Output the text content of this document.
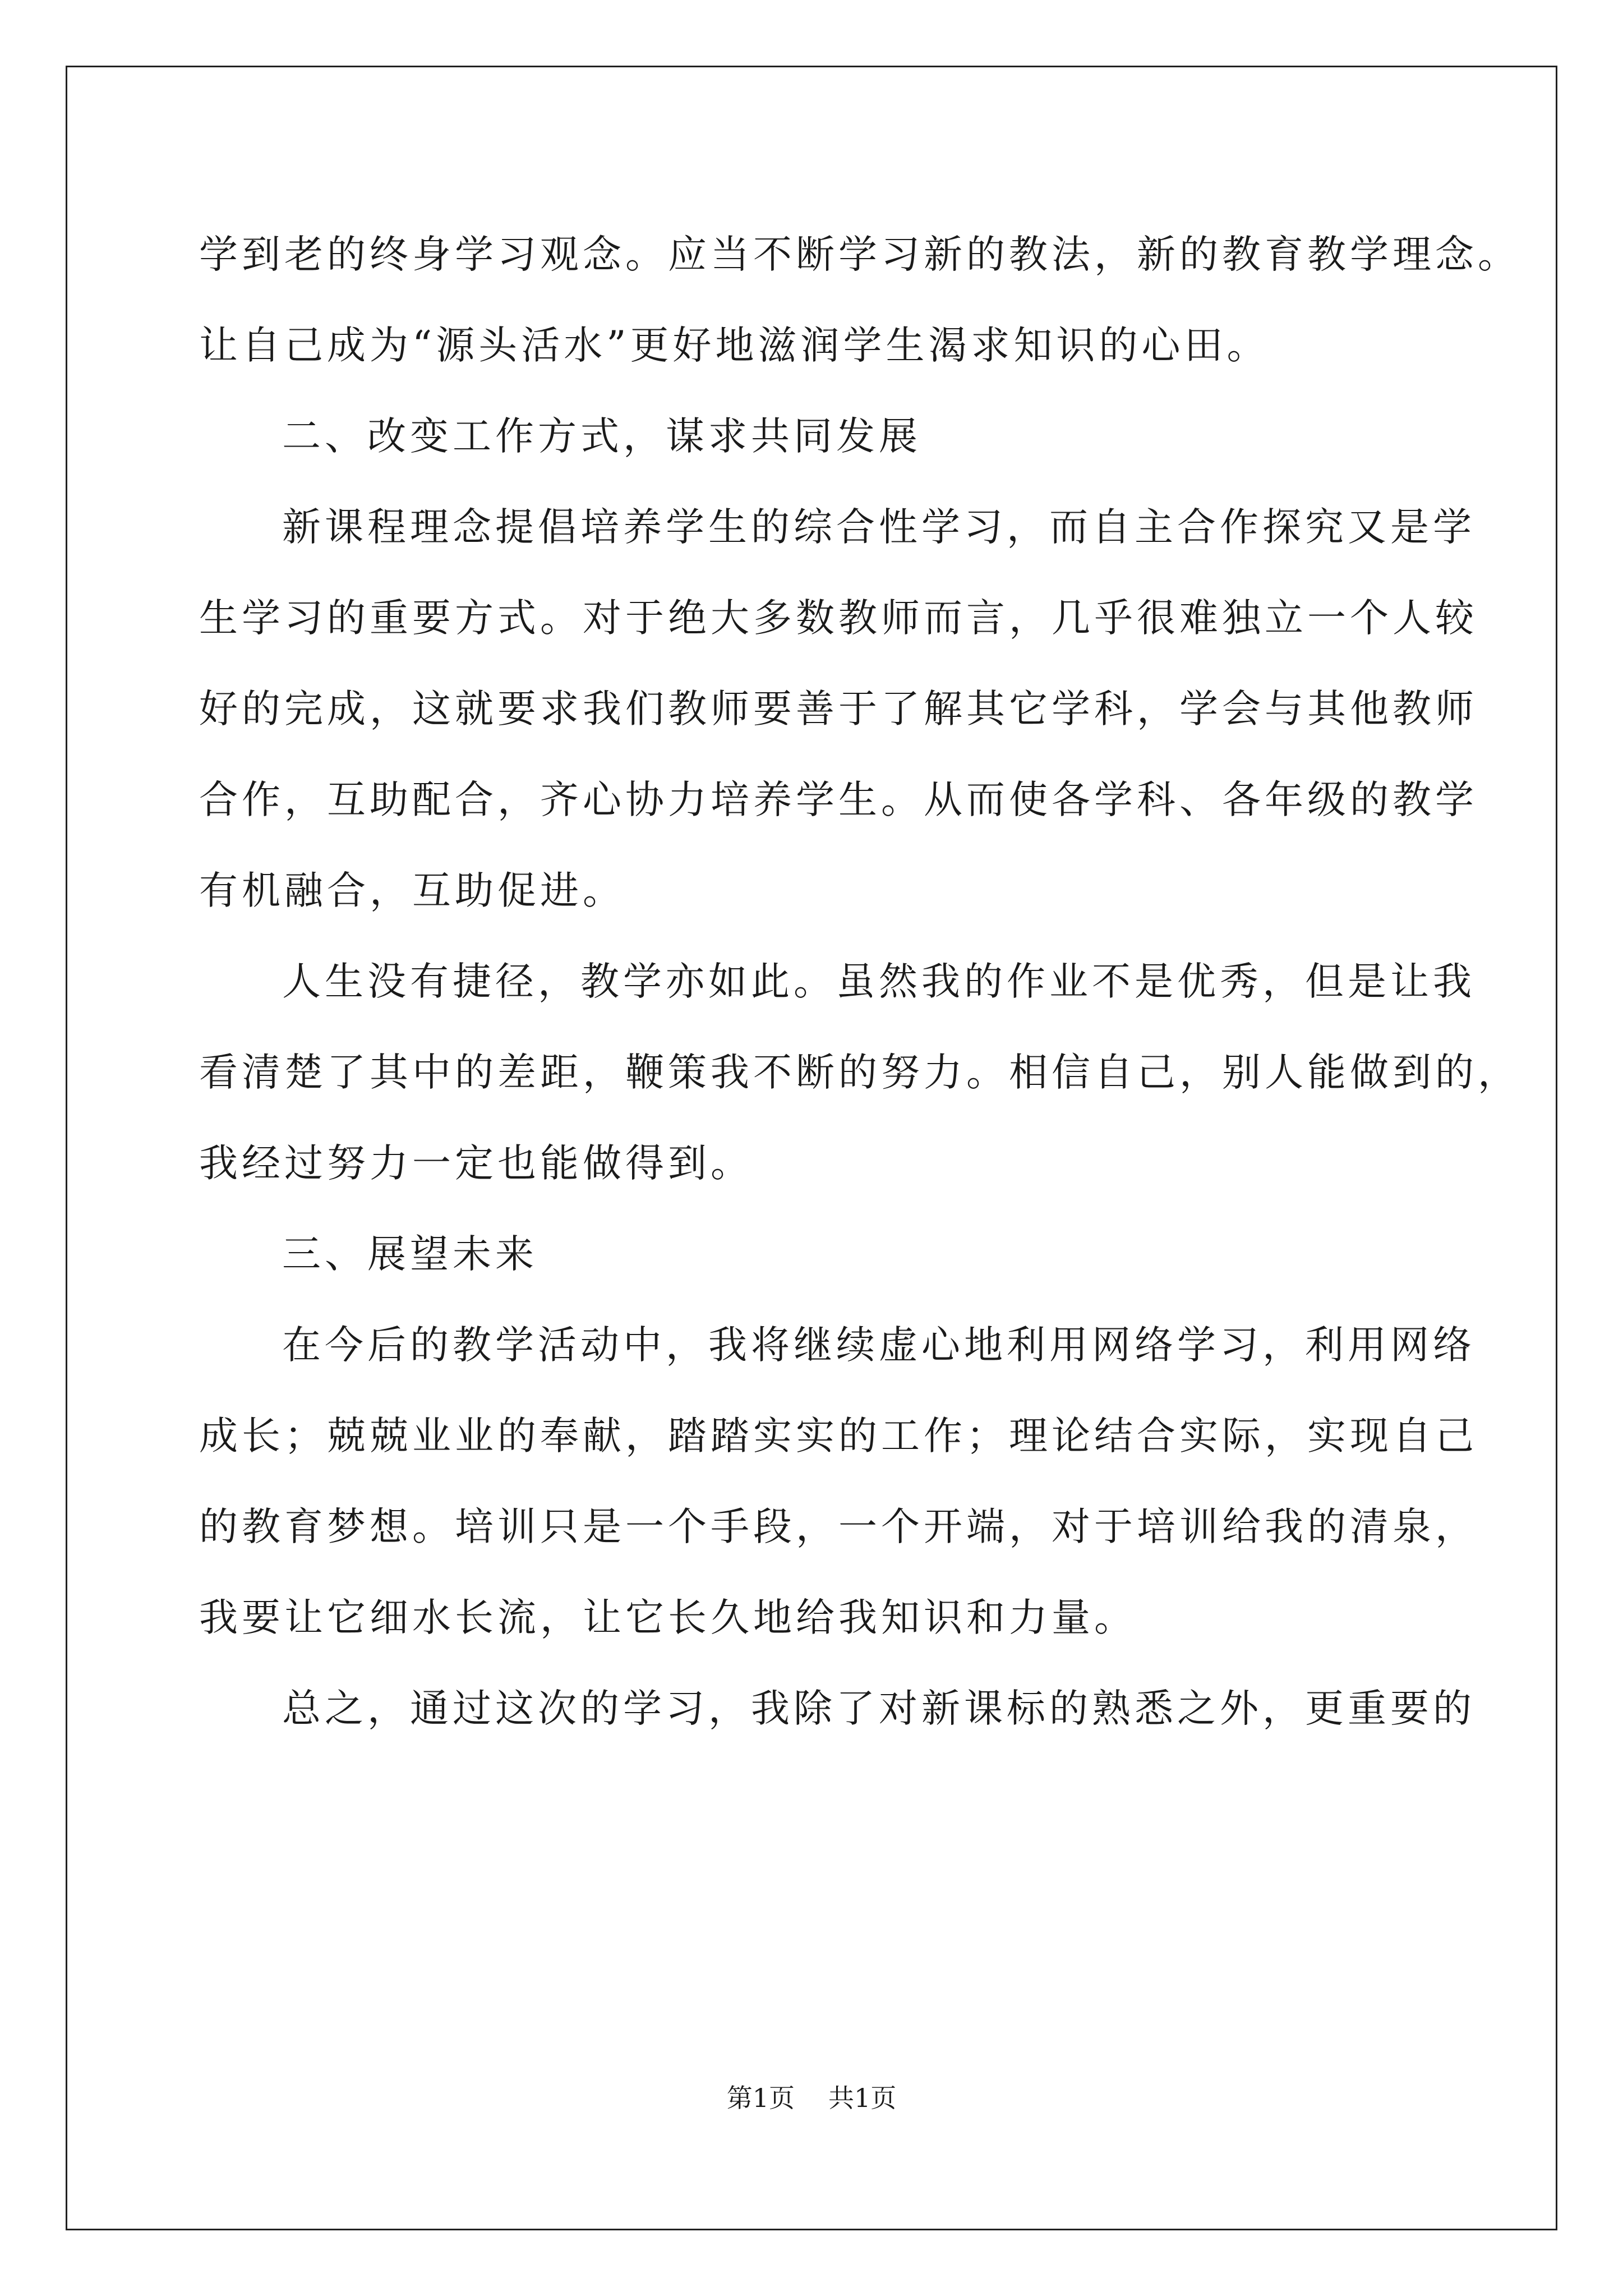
学到老的终身学习观念。应当不断学习新的教法，新的教育教学理念。
让自己成为“源头活水”更好地滋润学生渴求知识的心田。
二、改变工作方式，谋求共同发展
新课程理念提倡培养学生的综合性学习，而自主合作探究又是学
生学习的重要方式。对于绝大多数教师而言，几乎很难独立一个人较
好的完成，这就要求我们教师要善于了解其它学科，学会与其他教师
合作，互助配合，齐心协力培养学生。从而使各学科、各年级的教学
有机融合，互助促进。
人生没有捷径，教学亦如此。虽然我的作业不是优秀，但是让我
看清楚了其中的差距，鞭策我不断的努力。相信自己，别人能做到的，
我经过努力一定也能做得到。
三、展望未来
在今后的教学活动中，我将继续虚心地利用网络学习，利用网络
成长；兢兢业业的奉献，踏踏实实的工作；理论结合实际，实现自己
的教育梦想。培训只是一个手段，一个开端，对于培训给我的清泉，
我要让它细水长流，让它长久地给我知识和力量。
总之，通过这次的学习，我除了对新课标的熟悉之外，更重要的
第1页 共1页
